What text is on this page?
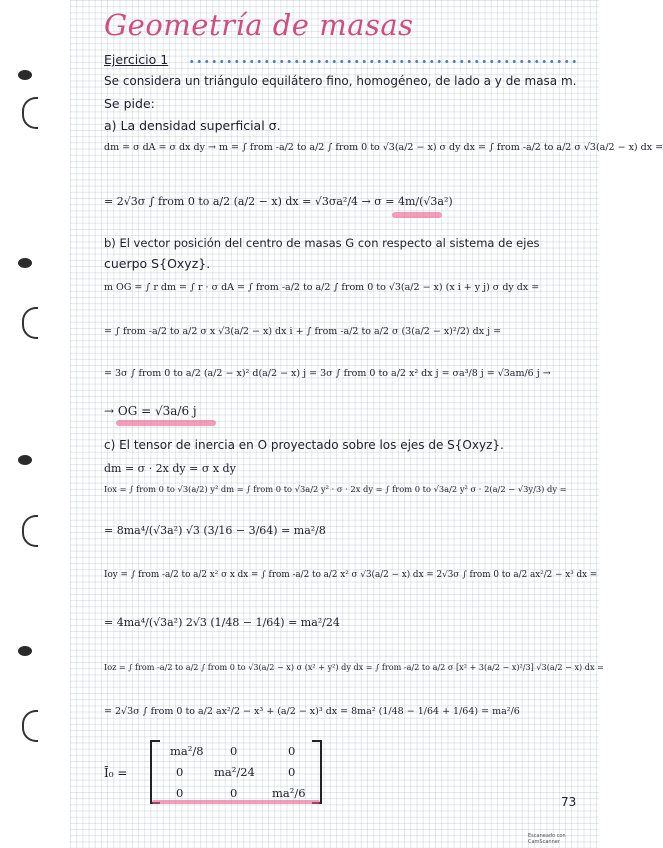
Geometría de masas
Ejercicio 1
Se considera un triángulo equilátero fino, homogéneo, de lado a y de masa m.
Se pide:
a) La densidad superficial σ.
dm = σ dA = σ dx dy → m = ∫ from -a/2 to a/2 ∫ from 0 to √3(a/2 − x) σ dy dx = ∫ from -a/2 to a/2 σ √3(a/2 − x) dx =
= 2√3σ ∫ from 0 to a/2 (a/2 − x) dx = √3σa²/4 → σ = 4m/(√3a²)
b) El vector posición del centro de masas G con respecto al sistema de ejes
cuerpo S{Oxyz}.
m OG = ∫ r dm = ∫ r · σ dA = ∫ from -a/2 to a/2 ∫ from 0 to √3(a/2 − x) (x i + y j) σ dy dx =
= ∫ from -a/2 to a/2 σ x √3(a/2 − x) dx i + ∫ from -a/2 to a/2 σ (3(a/2 − x)²/2) dx j =
= 3σ ∫ from 0 to a/2 (a/2 − x)² d(a/2 − x) j = 3σ ∫ from 0 to a/2 x² dx j = σa³/8 j = √3am/6 j →
→ OG = √3a/6 j
c) El tensor de inercia en O proyectado sobre los ejes de S{Oxyz}.
dm = σ · 2x dy = σ x dy
Iox = ∫ from 0 to √3(a/2) y² dm = ∫ from 0 to √3a/2 y² · σ · 2x dy = ∫ from 0 to √3a/2 y² σ · 2(a/2 − √3y/3) dy =
= 8ma⁴/(√3a²) √3 (3/16 − 3/64) = ma²/8
Ioy = ∫ from -a/2 to a/2 x² σ x dx = ∫ from -a/2 to a/2 x² σ √3(a/2 − x) dx = 2√3σ ∫ from 0 to a/2 ax²/2 − x³ dx =
= 4ma⁴/(√3a²) 2√3 (1/48 − 1/64) = ma²/24
Ioz = ∫ from -a/2 to a/2 ∫ from 0 to √3(a/2 − x) σ (x² + y²) dy dx = ∫ from -a/2 to a/2 σ [x² + 3(a/2 − x)²/3] √3(a/2 − x) dx =
= 2√3σ ∫ from 0 to a/2 ax²/2 − x³ + (a/2 − x)³ dx = 8ma² (1/48 − 1/64 + 1/64) = ma²/6
Ī₀ =
ma²/8 0	0
0	ma²/24	0
0	0	ma²/6
73
Escaneado con CamScanner
